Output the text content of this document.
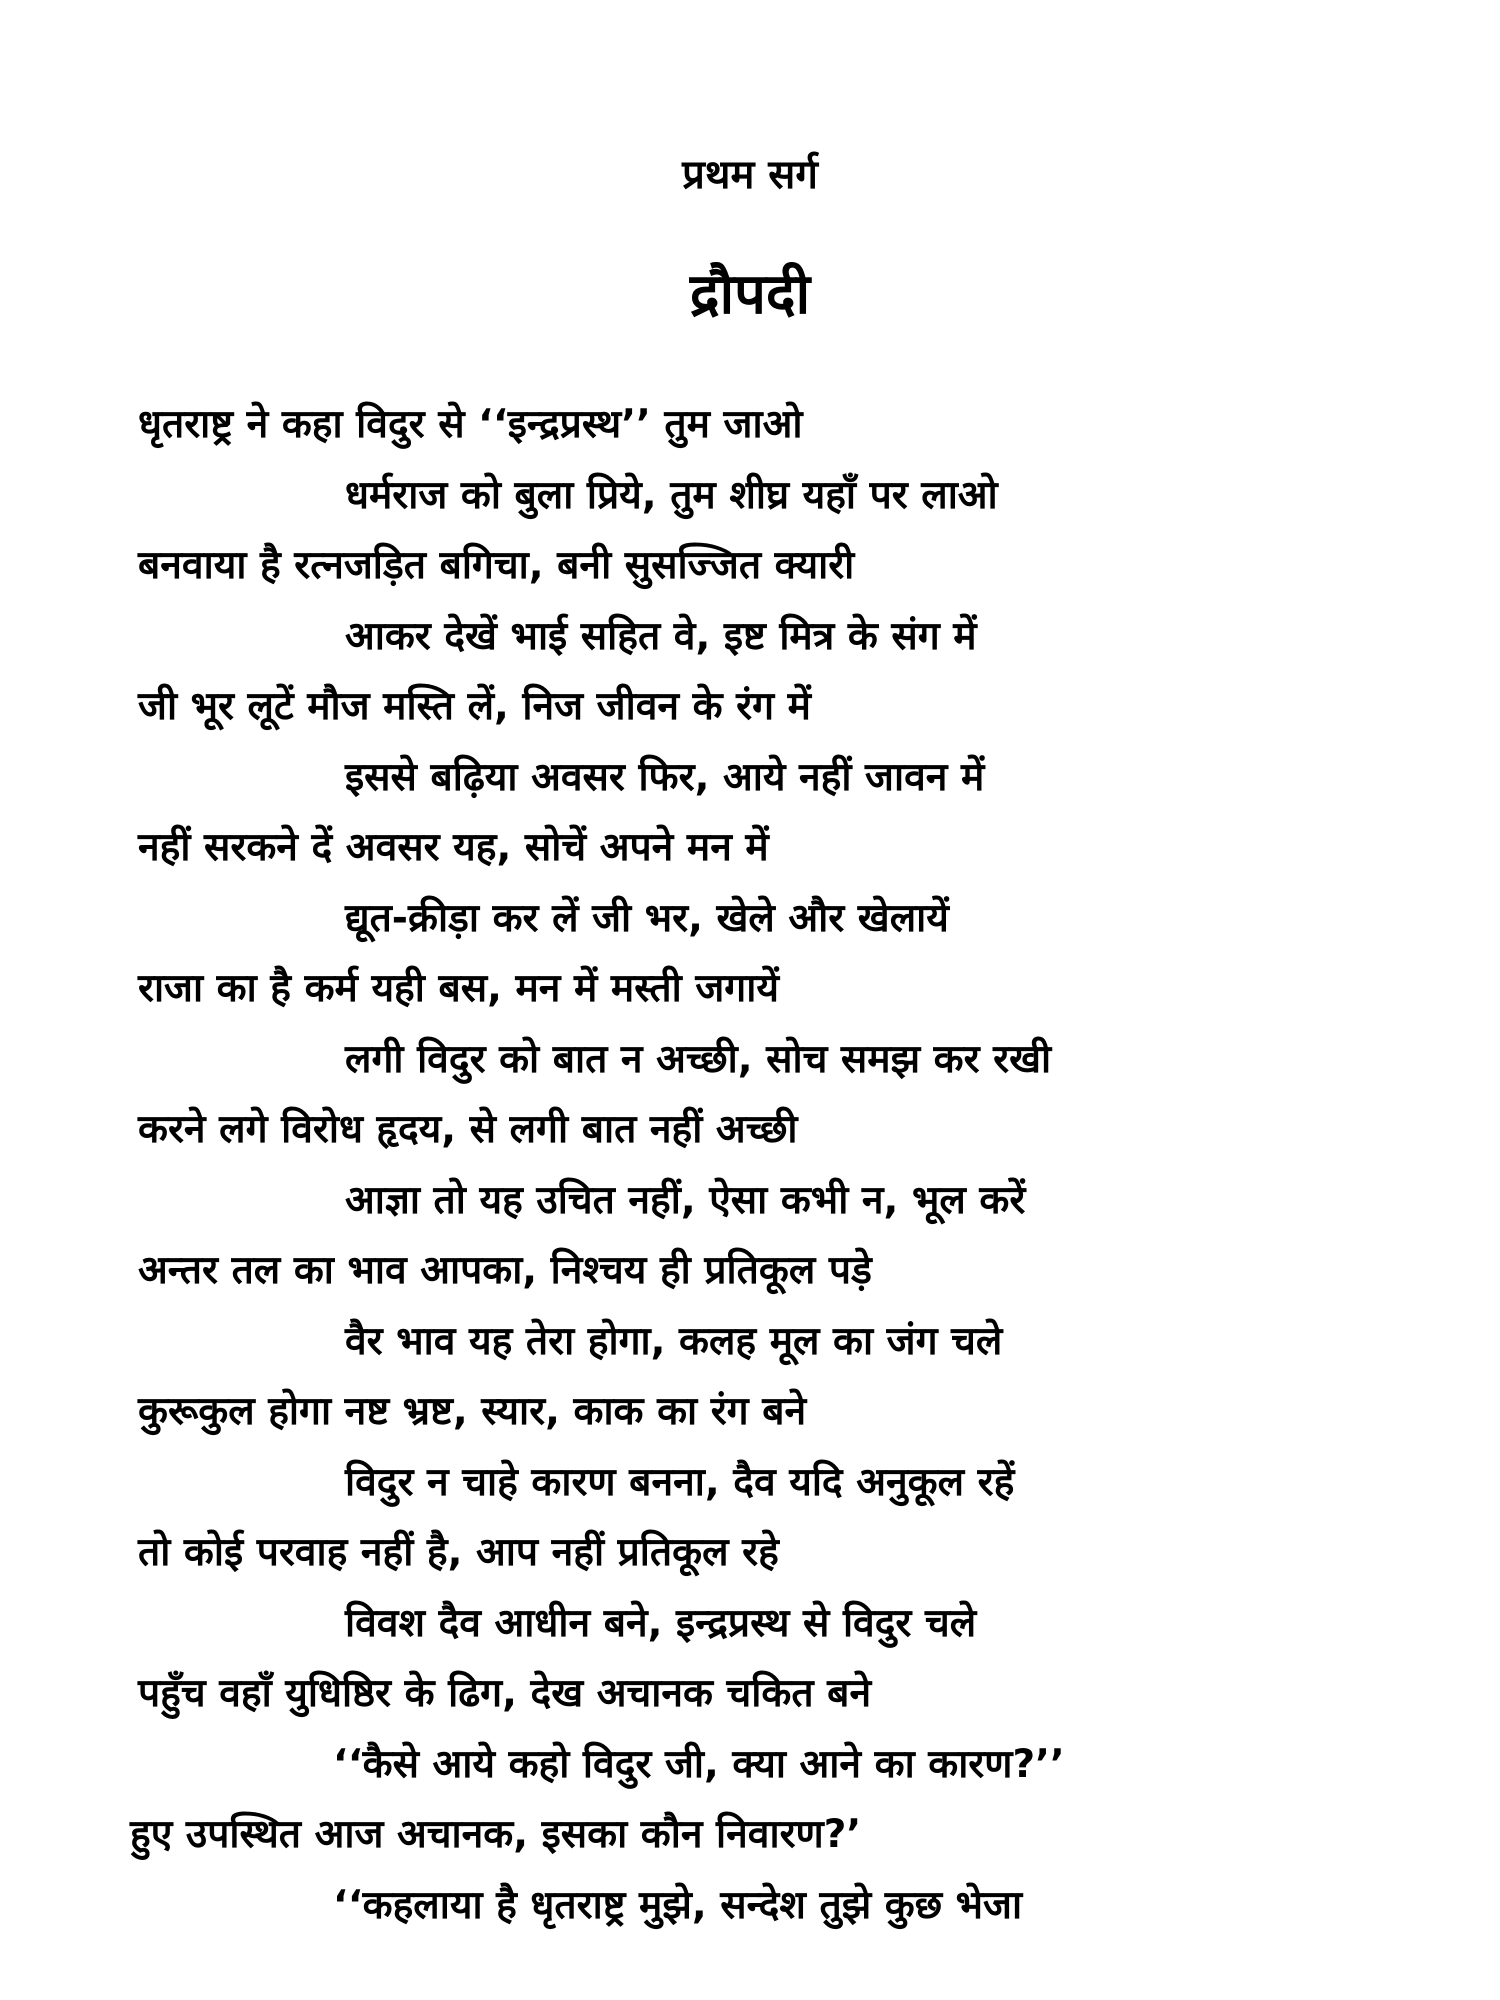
प्रथम सर्ग
द्रौपदी
धृतराष्ट्र ने कहा विदुर से ‘‘इन्द्रप्रस्थ’’ तुम जाओ
धर्मराज को बुला प्रिये, तुम शीघ्र यहाँ पर लाओ
बनवाया है रत्नजड़ित बगिचा, बनी सुसज्जित क्यारी
आकर देखें भाई सहित वे, इष्ट मित्र के संग में
जी भूर लूटें मौज मस्ति लें, निज जीवन के रंग में
इससे बढ़िया अवसर फिर, आये नहीं जावन में
नहीं सरकने दें अवसर यह, सोचें अपने मन में
द्यूत-क्रीड़ा कर लें जी भर, खेले और खेलायें
राजा का है कर्म यही बस, मन में मस्ती जगायें
लगी विदुर को बात न अच्छी, सोच समझ कर रखी
करने लगे विरोध हृदय, से लगी बात नहीं अच्छी
आज्ञा तो यह उचित नहीं, ऐसा कभी न, भूल करें
अन्तर तल का भाव आपका, निश्चय ही प्रतिकूल पड़े
वैर भाव यह तेरा होगा, कलह मूल का जंग चले
कुरूकुल होगा नष्ट भ्रष्ट, स्यार, काक का रंग बने
विदुर न चाहे कारण बनना, दैव यदि अनुकूल रहें
तो कोई परवाह नहीं है, आप नहीं प्रतिकूल रहे
विवश दैव आधीन बने, इन्द्रप्रस्थ से विदुर चले
पहुँच वहाँ युधिष्ठिर के ढिग, देख अचानक चकित बने
‘‘कैसे आये कहो विदुर जी, क्या आने का कारण?’’
हुए उपस्थित आज अचानक, इसका कौन निवारण?’
‘‘कहलाया है धृतराष्ट्र मुझे, सन्देश तुझे कुछ भेजा
